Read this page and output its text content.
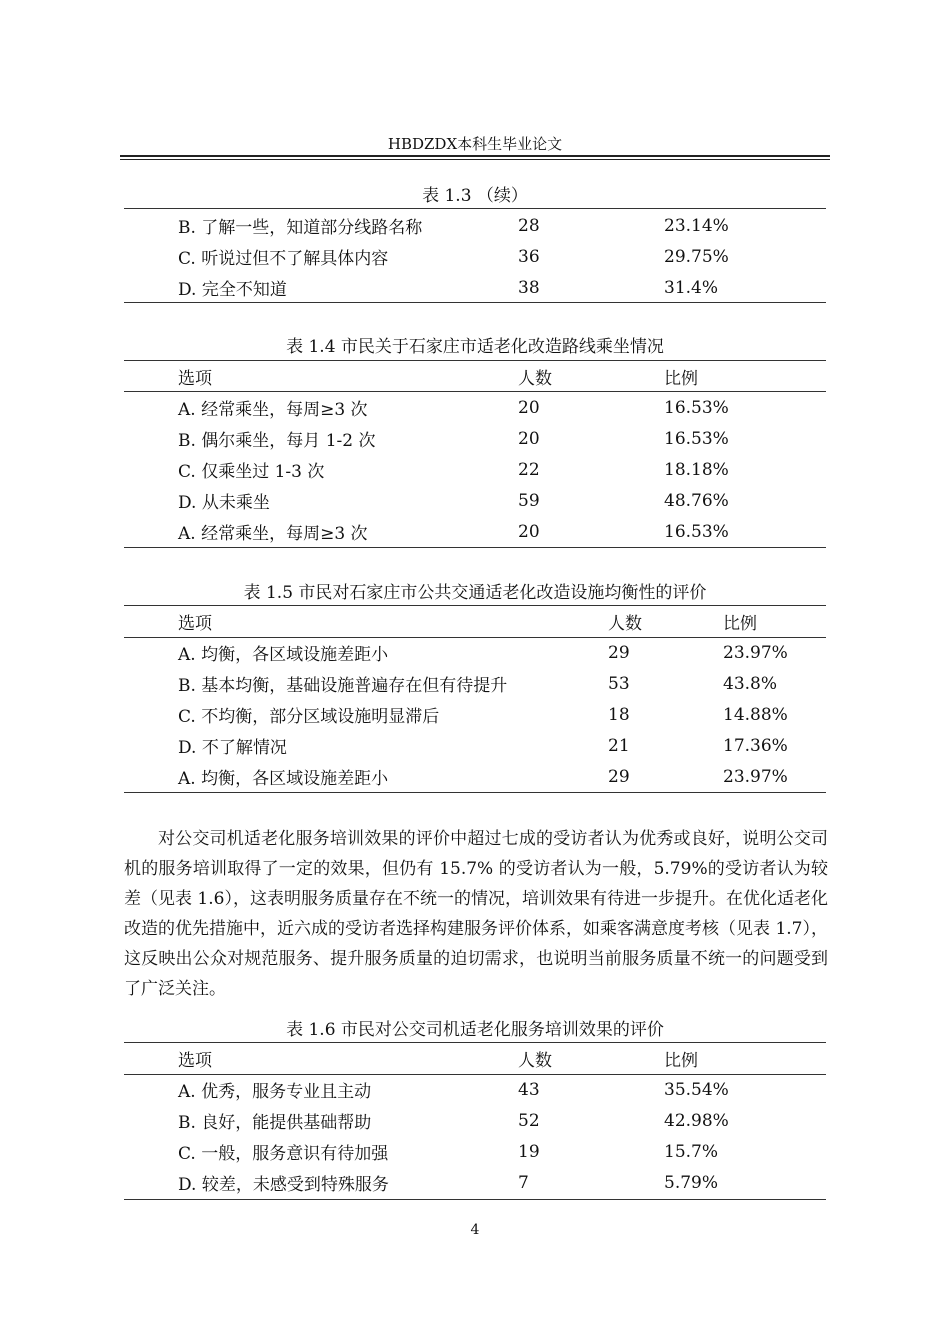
HBDZDX本科生毕业论文
表 1.3 （续）
B. 了解一些，知道部分线路名称	28	23.14%
C. 听说过但不了解具体内容	36	29.75%
D. 完全不知道	38	31.4%
表 1.4 市民关于石家庄市适老化改造路线乘坐情况
选项	人数	比例
A. 经常乘坐，每周≥3 次	20	16.53%
B. 偶尔乘坐，每月 1-2 次	20	16.53%
C. 仅乘坐过 1-3 次	22	18.18%
D. 从未乘坐	59	48.76%
A. 经常乘坐，每周≥3 次	20	16.53%
表 1.5 市民对石家庄市公共交通适老化改造设施均衡性的评价
选项	人数	比例
A. 均衡，各区域设施差距小	29	23.97%
B. 基本均衡，基础设施普遍存在但有待提升	53	43.8%
C. 不均衡，部分区域设施明显滞后	18	14.88%
D. 不了解情况	21	17.36%
A. 均衡，各区域设施差距小	29	23.97%

对公交司机适老化服务培训效果的评价中超过七成的受访者认为优秀或良好，说明公交司机的服务培训取得了一定的效果，但仍有 15.7% 的受访者认为一般，5.79%的受访者认为较差（见表 1.6），这表明服务质量存在不统一的情况，培训效果有待进一步提升。在优化适老化改造的优先措施中，近六成的受访者选择构建服务评价体系，如乘客满意度考核（见表 1.7），这反映出公众对规范服务、提升服务质量的迫切需求，也说明当前服务质量不统一的问题受到了广泛关注。

表 1.6 市民对公交司机适老化服务培训效果的评价
选项	人数	比例
A. 优秀，服务专业且主动	43	35.54%
B. 良好，能提供基础帮助	52	42.98%
C. 一般，服务意识有待加强	19	15.7%
D. 较差，未感受到特殊服务	7	5.79%
4
